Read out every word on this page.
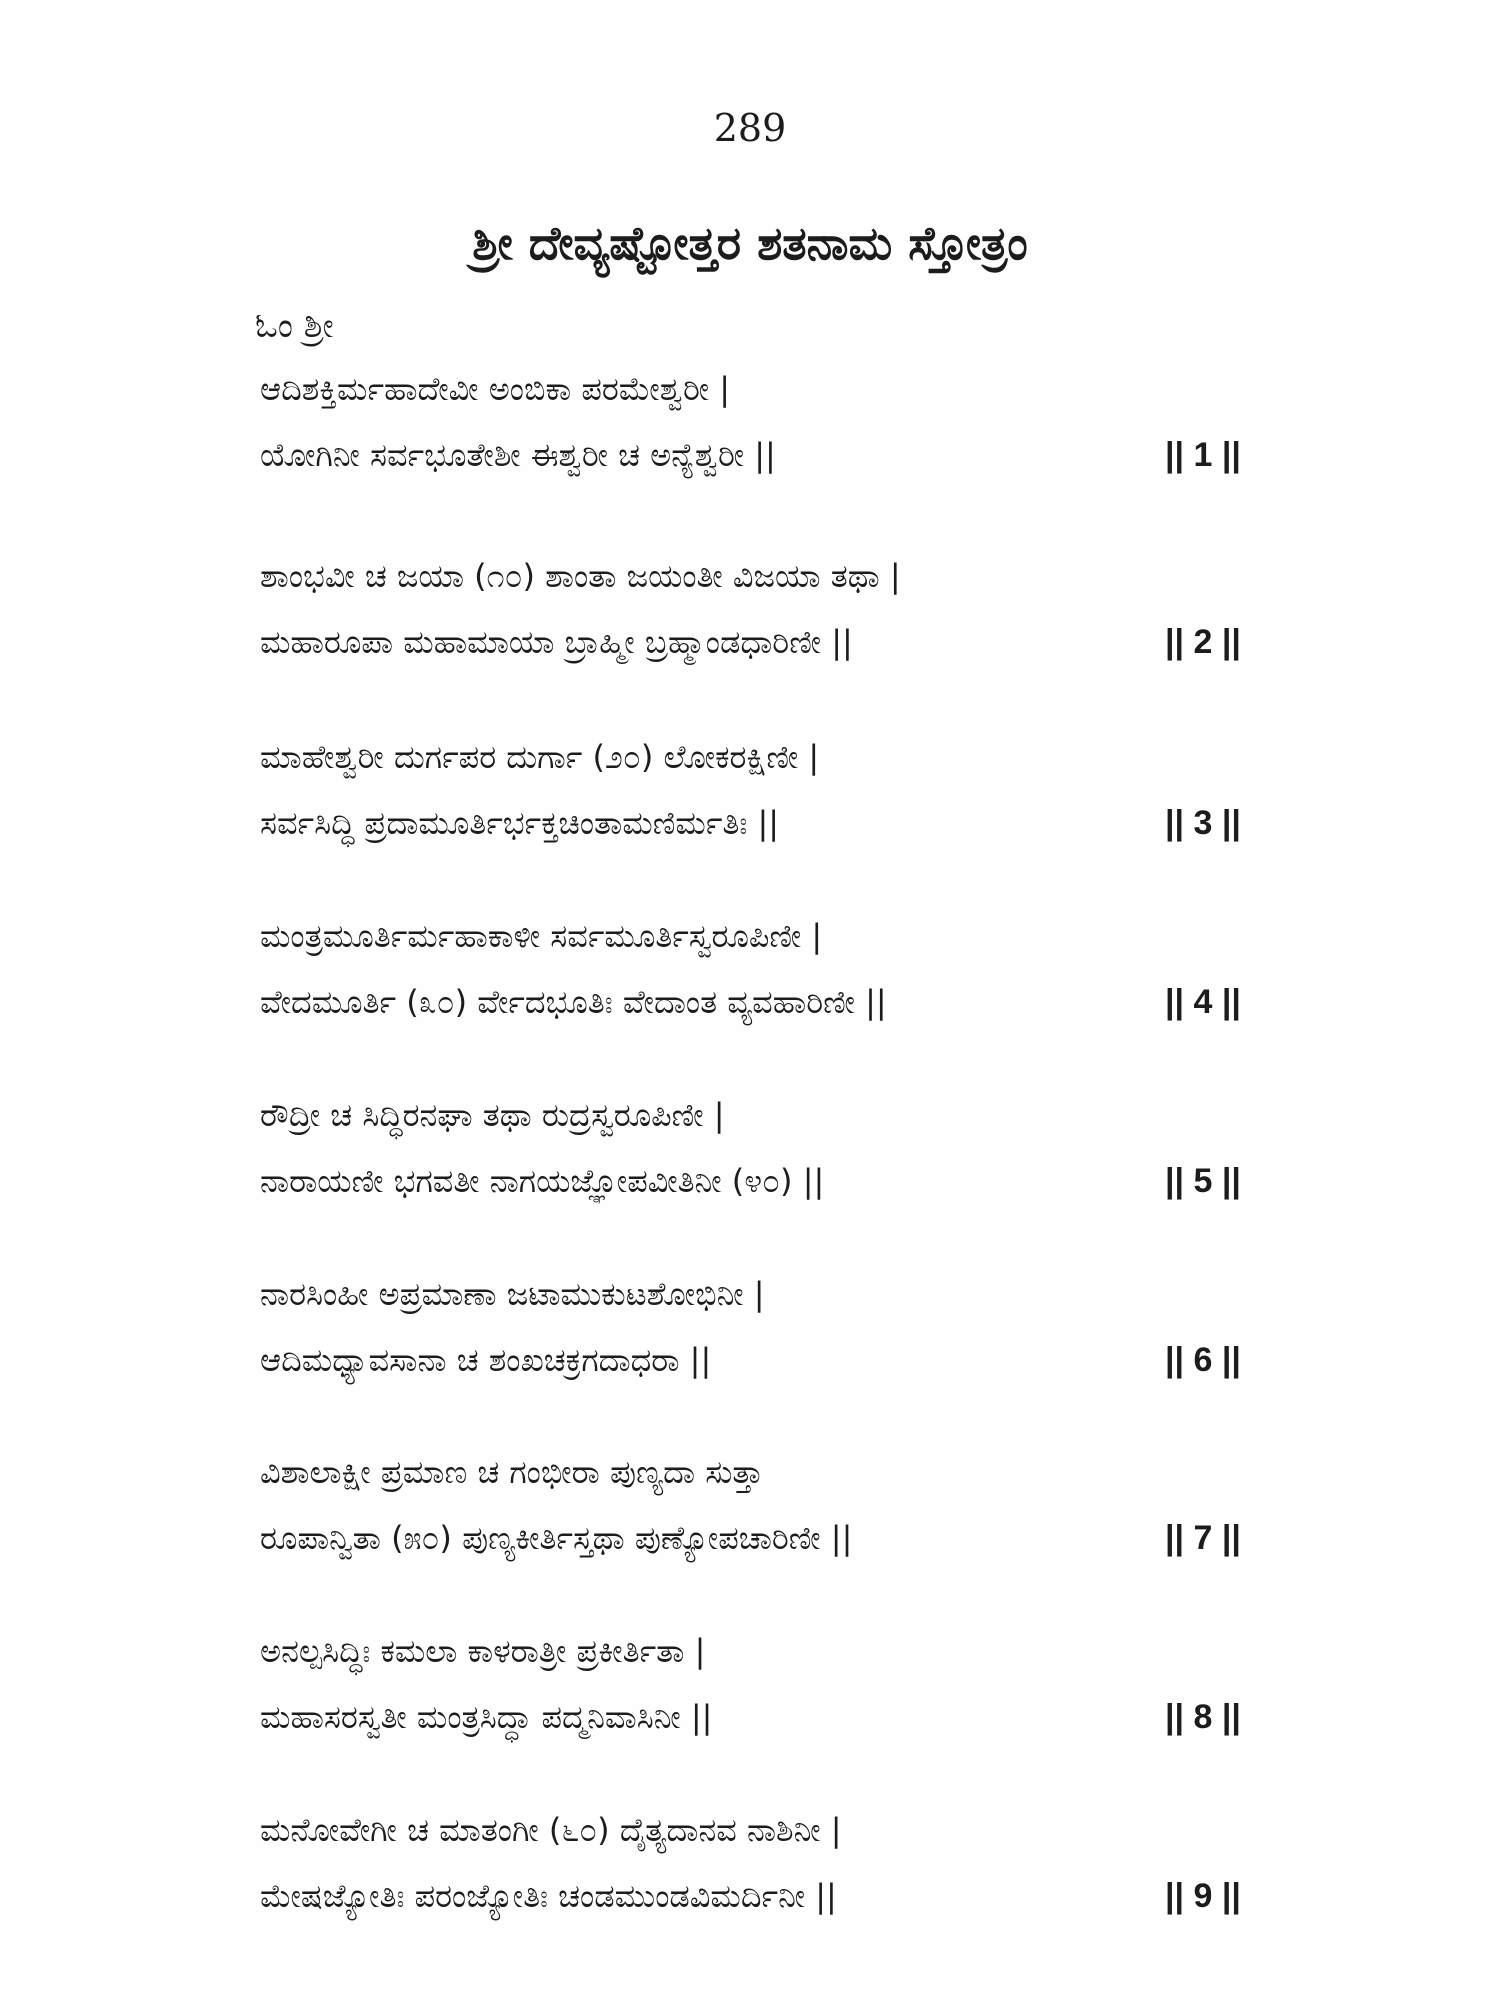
289
ಶ್ರೀ ದೇವ್ಯಷ್ಟೋತ್ತರ ಶತನಾಮ ಸ್ತೋತ್ರಂ
ಓಂ ಶ್ರೀ
ಆದಿಶಕ್ತಿರ್ಮಹಾದೇವೀ ಅಂಬಿಕಾ ಪರಮೇಶ್ವರೀ |
ಯೋಗಿನೀ ಸರ್ವಭೂತೇಶೀ ಈಶ್ವರೀ ಚ ಅನ್ಯೆಶ್ವರೀ ||	|| 1 ||
ಶಾಂಭವೀ ಚ ಜಯಾ (೧೦) ಶಾಂತಾ ಜಯಂತೀ ವಿಜಯಾ ತಥಾ |
ಮಹಾರೂಪಾ ಮಹಾಮಾಯಾ ಬ್ರಾಹ್ಮೀ ಬ್ರಹ್ಮಾಂಡಧಾರಿಣೀ ||	|| 2 ||
ಮಾಹೇಶ್ವರೀ ದುರ್ಗಪರ ದುರ್ಗಾ (೨೦) ಲೋಕರಕ್ಷಿಣೀ |
ಸರ್ವಸಿದ್ಧಿ ಪ್ರದಾಮೂರ್ತಿರ್ಭಕ್ತಚಿಂತಾಮಣಿರ್ಮತಿಃ ||	|| 3 ||
ಮಂತ್ರಮೂರ್ತಿರ್ಮಹಾಕಾಳೀ ಸರ್ವಮೂರ್ತಿಸ್ವರೂಪಿಣೀ |
ವೇದಮೂರ್ತಿ (೩೦) ರ್ವೇದಭೂತಿಃ ವೇದಾಂತ ವ್ಯವಹಾರಿಣೀ ||	|| 4 ||
ರೌದ್ರೀ ಚ ಸಿದ್ಧಿರನಘಾ ತಥಾ ರುದ್ರಸ್ವರೂಪಿಣೀ |
ನಾರಾಯಣೀ ಭಗವತೀ ನಾಗಯಜ್ಞೋಪವೀತಿನೀ (೪೦) ||	|| 5 ||
ನಾರಸಿಂಹೀ ಅಪ್ರಮಾಣಾ ಜಟಾಮುಕುಟಶೋಭಿನೀ |
ಆದಿಮಧ್ಯಾವಸಾನಾ ಚ ಶಂಖಚಕ್ರಗದಾಧರಾ ||	|| 6 ||
ವಿಶಾಲಾಕ್ಷೀ ಪ್ರಮಾಣ ಚ ಗಂಭೀರಾ ಪುಣ್ಯದಾ ಸುತ್ತಾ
ರೂಪಾನ್ವಿತಾ (೫೦) ಪುಣ್ಯಕೀರ್ತಿಸ್ತಥಾ ಪುಣ್ಯೋಪಚಾರಿಣೀ ||	|| 7 ||
ಅನಲ್ಪಸಿದ್ಧಿಃ ಕಮಲಾ ಕಾಳರಾತ್ರೀ ಪ್ರಕೀರ್ತಿತಾ |
ಮಹಾಸರಸ್ವತೀ ಮಂತ್ರಸಿದ್ಧಾ ಪದ್ಮನಿವಾಸಿನೀ ||	|| 8 ||
ಮನೋವೇಗೀ ಚ ಮಾತಂಗೀ (೬೦) ದೈತ್ಯದಾನವ ನಾಶಿನೀ |
ಮೇಷಜ್ಯೋತಿಃ ಪರಂಜ್ಯೋತಿಃ ಚಂಡಮುಂಡವಿಮರ್ದಿನೀ ||	|| 9 ||
